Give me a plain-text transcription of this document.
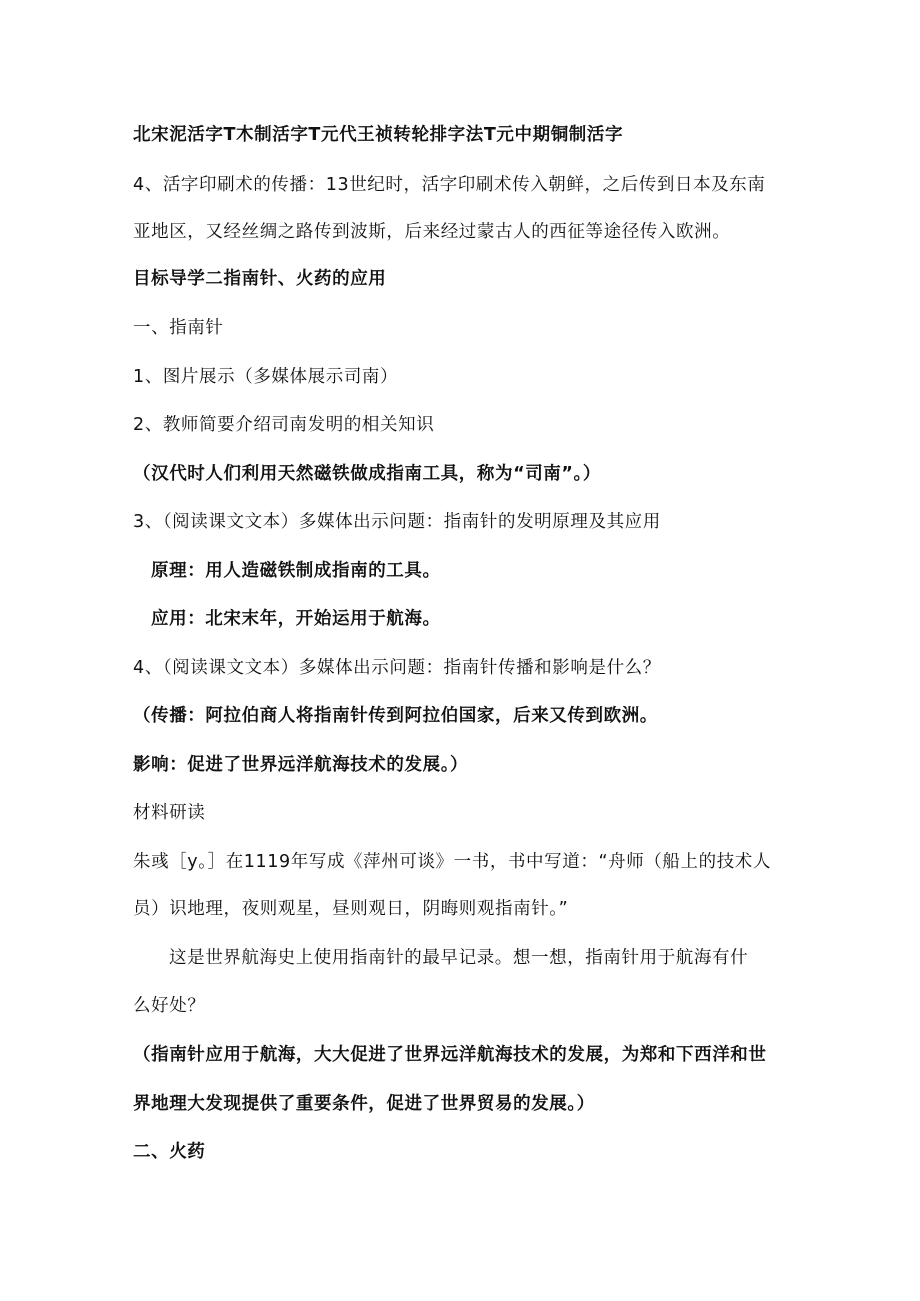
北宋泥活字T木制活字T元代王祯转轮排字法T元中期铜制活字
4、活字印刷术的传播：13世纪时，活字印刷术传入朝鲜，之后传到日本及东南
亚地区，又经丝绸之路传到波斯，后来经过蒙古人的西征等途径传入欧洲。
目标导学二指南针、火药的应用
一、指南针
1、图片展示（多媒体展示司南）
2、教师简要介绍司南发明的相关知识
（汉代时人们利用天然磁铁做成指南工具，称为“司南”。）
3、（阅读课文文本）多媒体出示问题：指南针的发明原理及其应用
原理：用人造磁铁制成指南的工具。
应用：北宋末年，开始运用于航海。
4、（阅读课文文本）多媒体出示问题：指南针传播和影响是什么？
（传播：阿拉伯商人将指南针传到阿拉伯国家，后来又传到欧洲。
影响：促进了世界远洋航海技术的发展。）
材料研读
朱彧［y。］在1119年写成《萍州可谈》一书，书中写道：“舟师（船上的技术人
员）识地理，夜则观星，昼则观日，阴晦则观指南针。”
这是世界航海史上使用指南针的最早记录。想一想，指南针用于航海有什
么好处？
（指南针应用于航海，大大促进了世界远洋航海技术的发展，为郑和下西洋和世
界地理大发现提供了重要条件，促进了世界贸易的发展。）
二、火药
